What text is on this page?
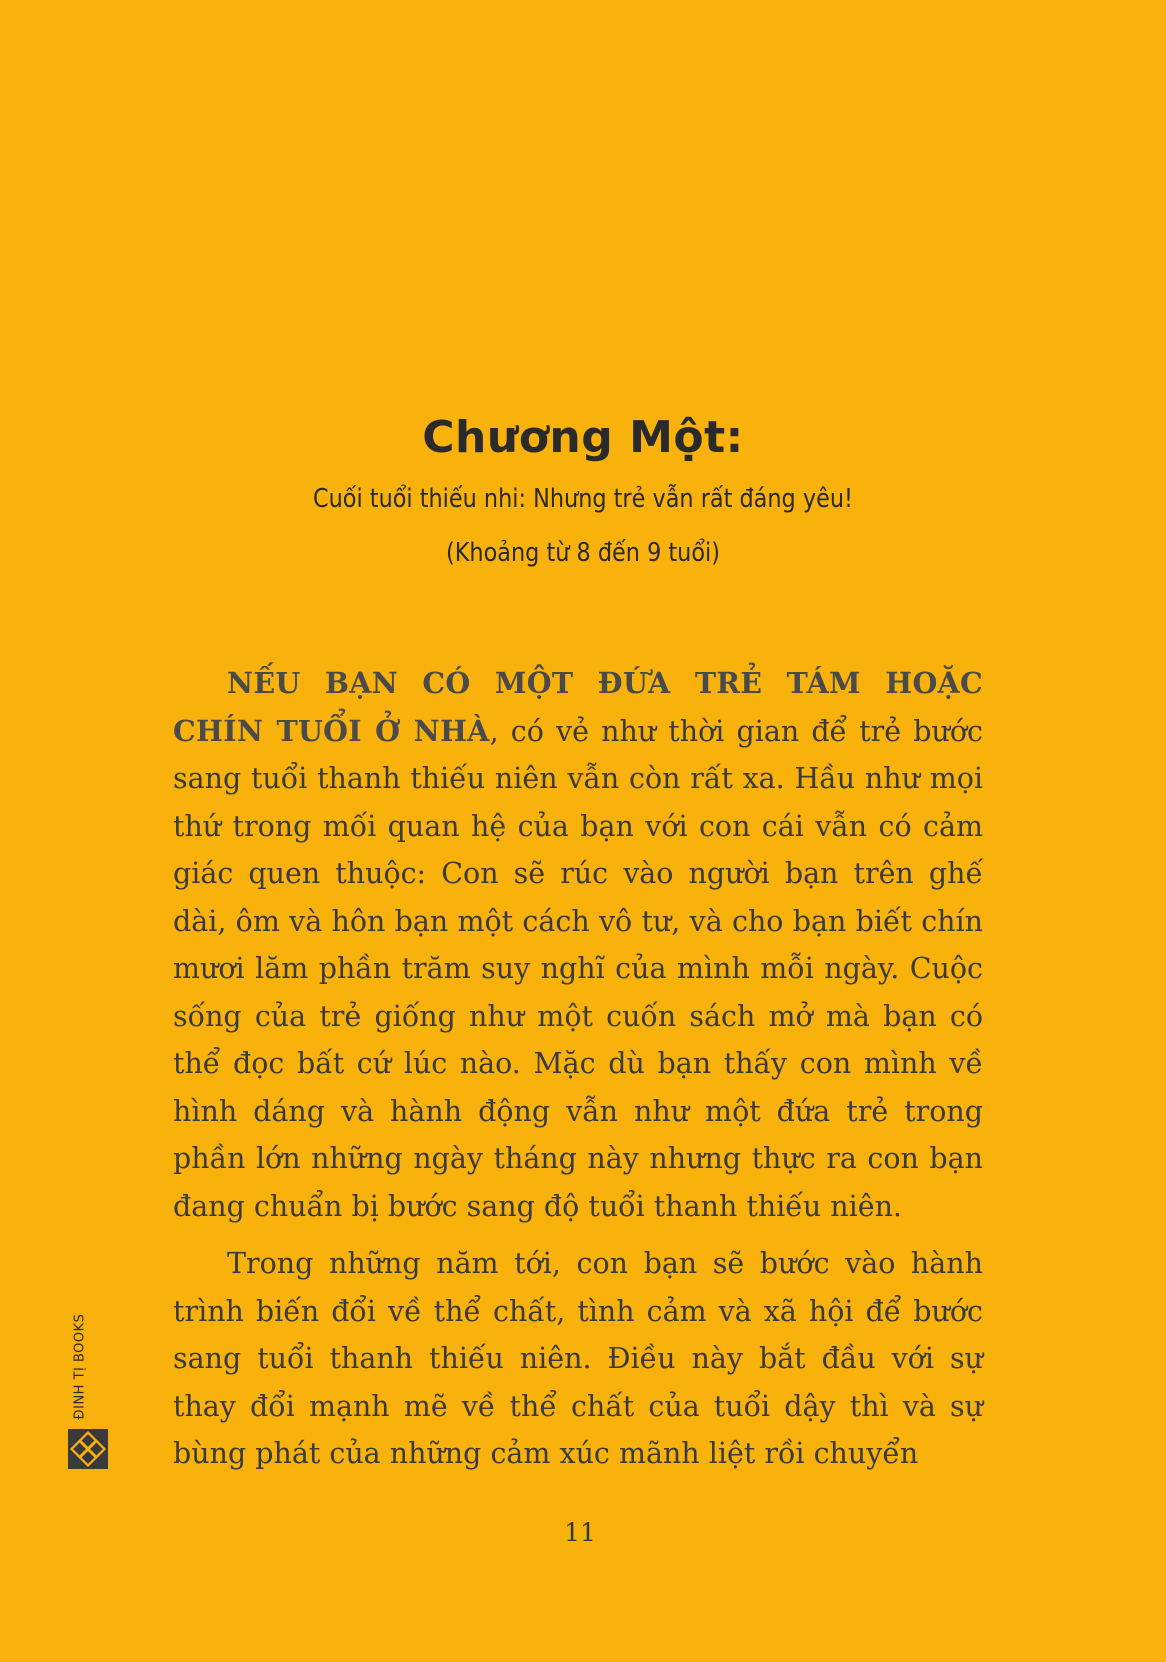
Chương Một:
Cuối tuổi thiếu nhi: Nhưng trẻ vẫn rất đáng yêu!
(Khoảng từ 8 đến 9 tuổi)

NẾU BẠN CÓ MỘT ĐỨA TRẺ TÁM HOẶC CHÍN TUỔI Ở NHÀ, có vẻ như thời gian để trẻ bước sang tuổi thanh thiếu niên vẫn còn rất xa. Hầu như mọi thứ trong mối quan hệ của bạn với con cái vẫn có cảm giác quen thuộc: Con sẽ rúc vào người bạn trên ghế dài, ôm và hôn bạn một cách vô tư, và cho bạn biết chín mươi lăm phần trăm suy nghĩ của mình mỗi ngày. Cuộc sống của trẻ giống như một cuốn sách mở mà bạn có thể đọc bất cứ lúc nào. Mặc dù bạn thấy con mình về hình dáng và hành động vẫn như một đứa trẻ trong phần lớn những ngày tháng này nhưng thực ra con bạn đang chuẩn bị bước sang độ tuổi thanh thiếu niên.

Trong những năm tới, con bạn sẽ bước vào hành trình biến đổi về thể chất, tình cảm và xã hội để bước sang tuổi thanh thiếu niên. Điều này bắt đầu với sự thay đổi mạnh mẽ về thể chất của tuổi dậy thì và sự bùng phát của những cảm xúc mãnh liệt rồi chuyển

ĐINH TỊ BOOKS
11
